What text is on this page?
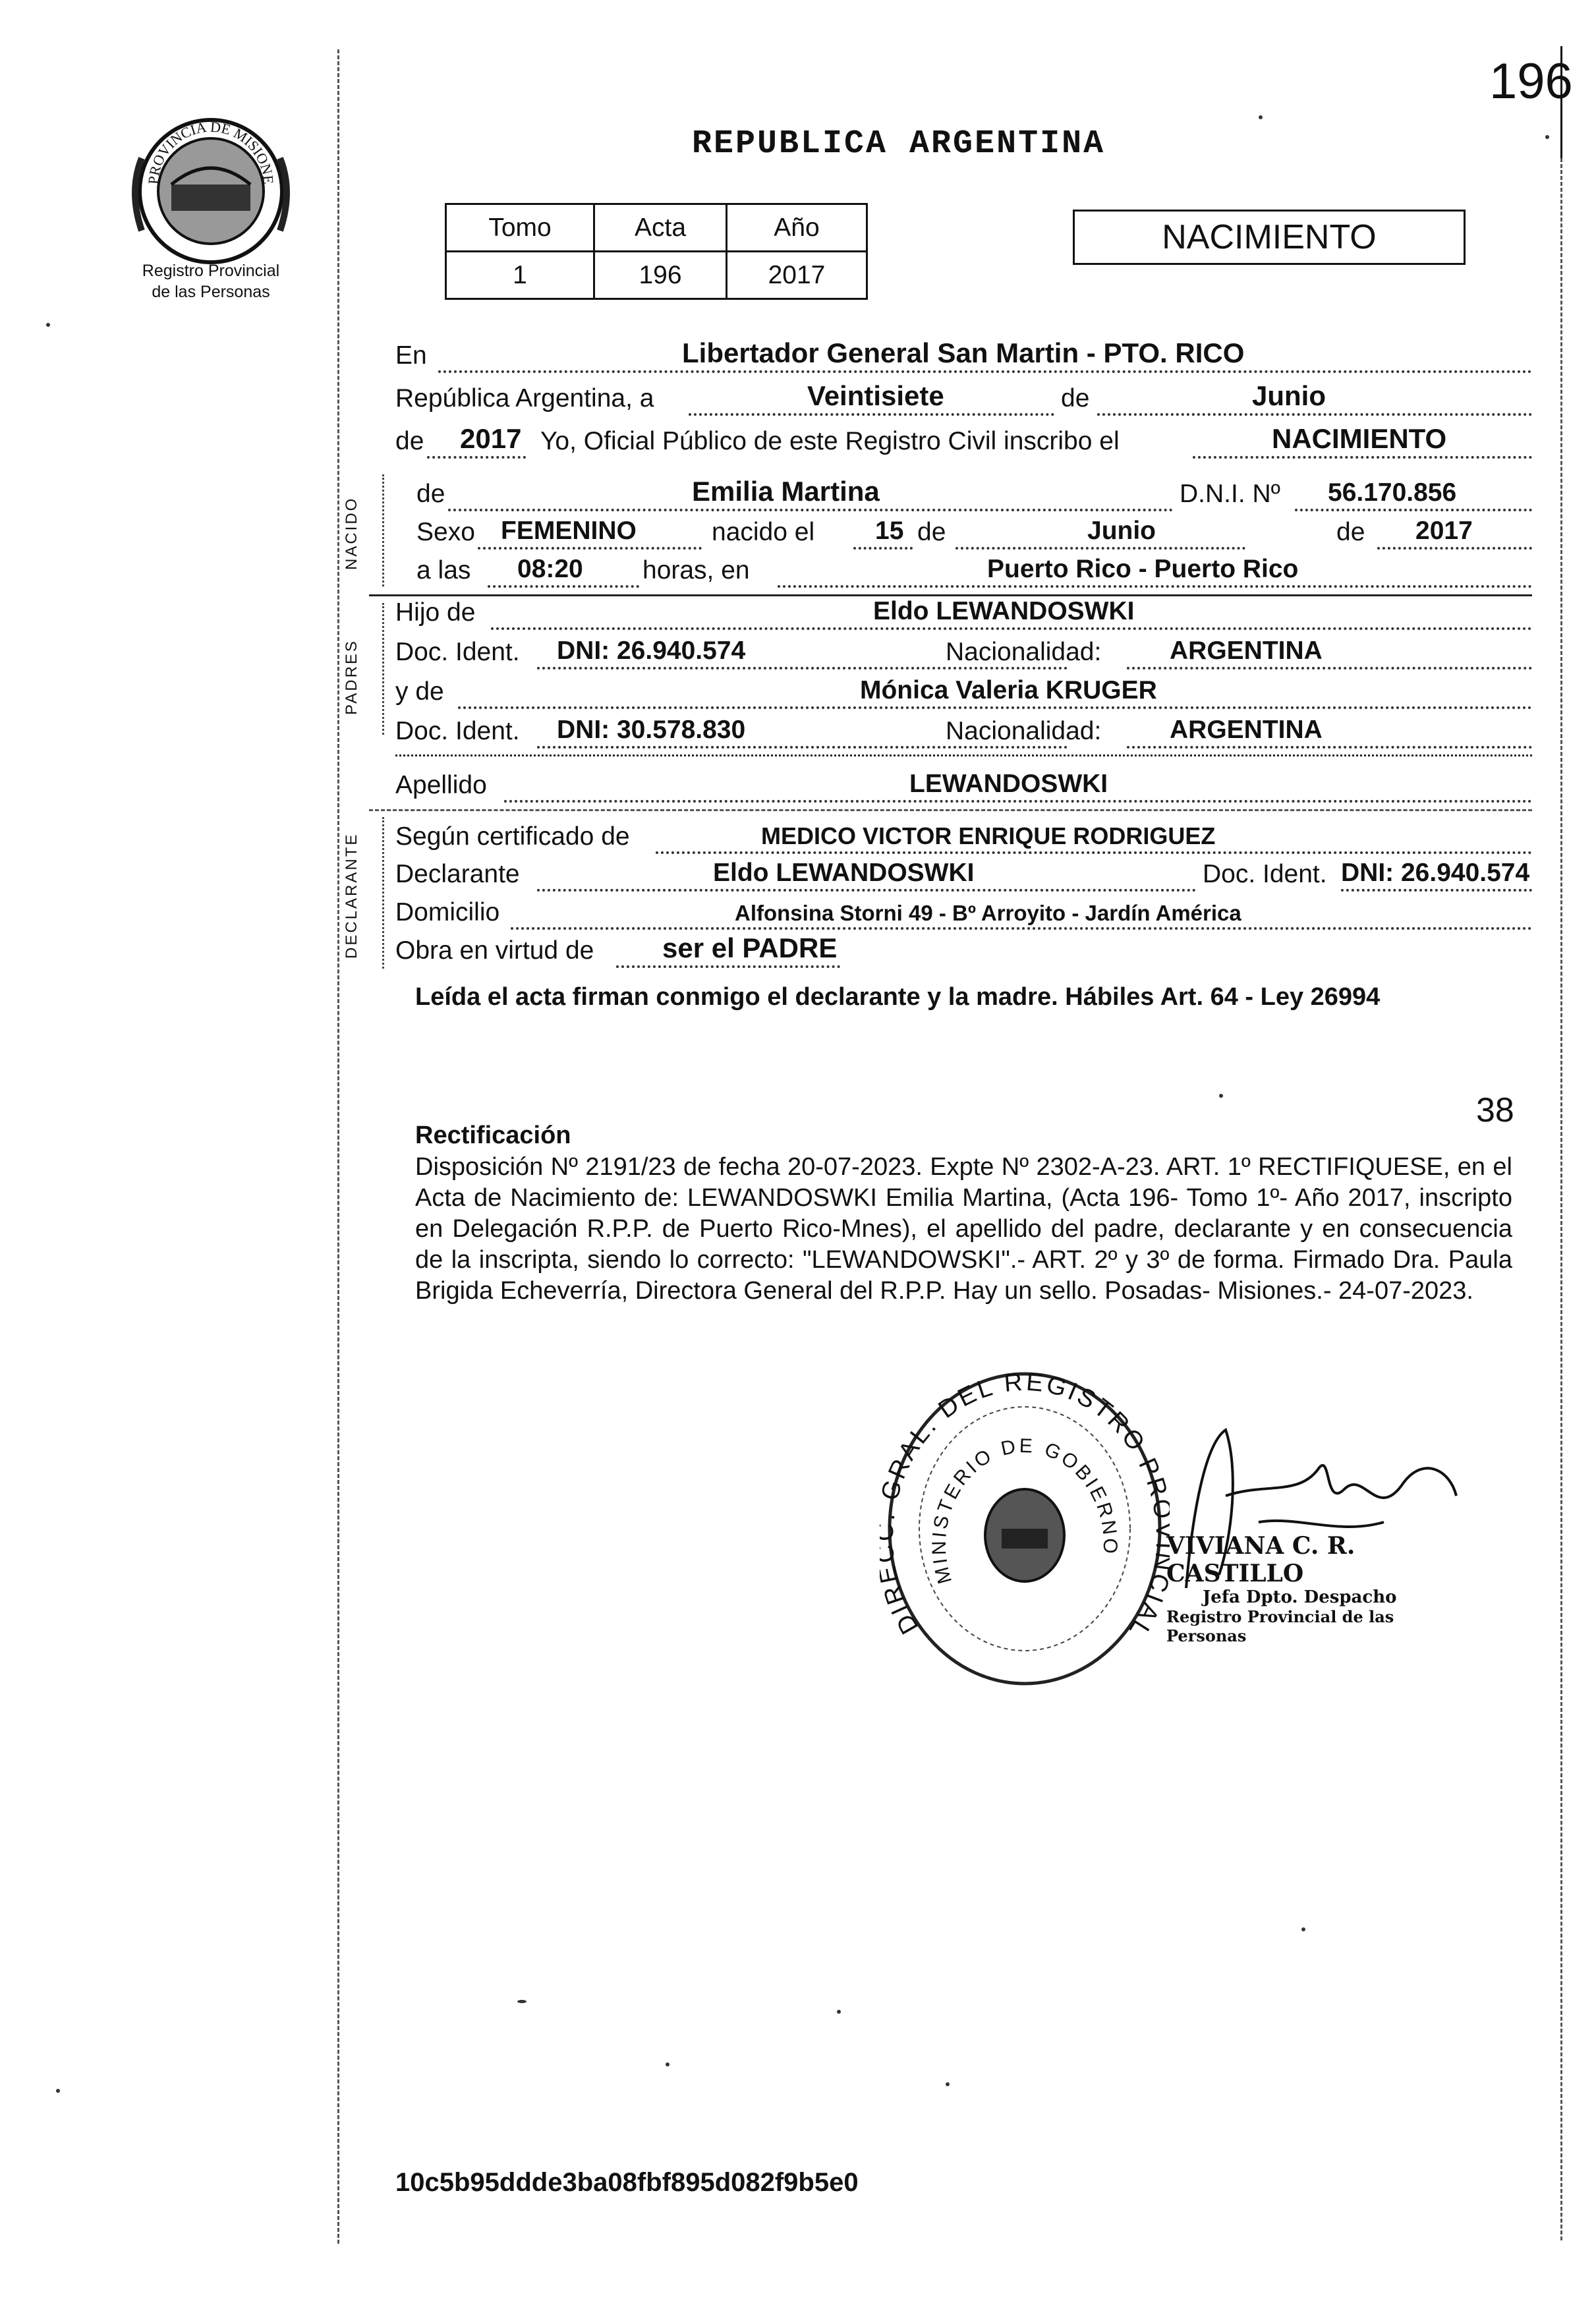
196
PROVINCIA DE MISIONE
Registro Provincial
de las Personas
REPUBLICA ARGENTINA
Tomo	Acta	Año
1	196	2017
NACIMIENTO
En	Libertador General San Martin - PTO. RICO
República Argentina, a	Veintisiete	de	Junio
de 2017 Yo, Oficial Público de este Registro Civil inscribo el	NACIMIENTO
NACIDO
de	Emilia Martina	D.N.I. Nº 56.170.856
Sexo FEMENINO	nacido el 15 de	Junio	de 2017
a las 08:20 horas, en	Puerto Rico - Puerto Rico
PADRES
Hijo de	Eldo LEWANDOSWKI
Doc. Ident. DNI: 26.940.574	Nacionalidad:	ARGENTINA
y de	Mónica Valeria KRUGER
Doc. Ident. DNI: 30.578.830	Nacionalidad:	ARGENTINA
Apellido	LEWANDOSWKI
DECLARANTE Según certificado de	MEDICO VICTOR ENRIQUE RODRIGUEZ
Declarante	Eldo LEWANDOSWKI	Doc. Ident. DNI: 26.940.574
Domicilio	Alfonsina Storni 49 - Bº Arroyito - Jardín América
Obra en virtud de ser el PADRE
Leída el acta firman conmigo el declarante y la madre. Hábiles Art. 64 - Ley 26994
38
Rectificación
Disposición Nº 2191/23 de fecha 20-07-2023. Expte Nº 2302-A-23. ART. 1º RECTIFIQUESE, en el Acta de Nacimiento de: LEWANDOSWKI Emilia Martina, (Acta 196- Tomo 1º- Año 2017, inscripto en Delegación R.P.P. de Puerto Rico-Mnes), el apellido del padre, declarante y en consecuencia de la inscripta, siendo lo correcto: "LEWANDOWSKI".- ART. 2º y 3º de forma. Firmado Dra. Paula Brigida Echeverría, Directora General del R.P.P. Hay un sello. Posadas- Misiones.- 24-07-2023.
DIR RAL. DEL REGISTRO P IAL
MINISTERIO DE GOBIERNO VIVIANA C. R. CASTILLO
Jefa Dpto. Despacho
Registro Provincial de las Personas
10c5b95ddde3ba08fbf895d082f9b5e0
